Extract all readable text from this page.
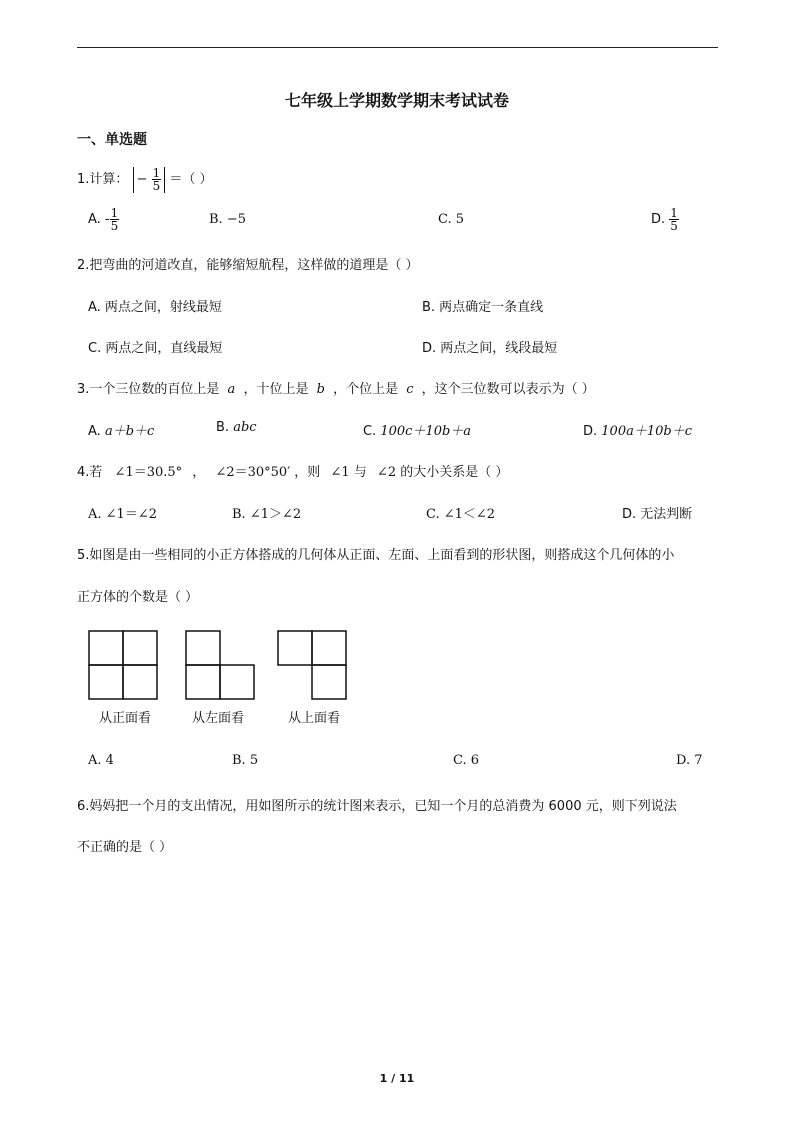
七年级上学期数学期末考试试卷
一、单选题
1.计算： − $\frac{1}{5}$ ＝（ ）
A. - $\frac{1}{5}$	B. −5	C. 5	D. $\frac{1}{5}$
2.把弯曲的河道改直，能够缩短航程，这样做的道理是（ ）
A. 两点之间，射线最短	B. 两点确定一条直线
C. 两点之间，直线最短	D. 两点之间，线段最短
3.一个三位数的百位上是 a ，十位上是 b ，个位上是 c ，这个三位数可以表示为（ ）
A. a＋b＋c	B. abc	C. 100c＋10b＋a	D. 100a＋10b＋c
4.若 ∠1＝30.5° ， ∠2＝30°50′ ，则 ∠1 与 ∠2 的大小关系是（ ）
A. ∠1＝∠2	B. ∠1＞∠2	C. ∠1＜∠2	D. 无法判断
5.如图是由一些相同的小正方体搭成的几何体从正面、左面、上面看到的形状图，则搭成这个几何体的小
正方体的个数是（ ）
从正面看	从左面看	从上面看
A. 4	B. 5	C. 6	D. 7
6.妈妈把一个月的支出情况，用如图所示的统计图来表示，已知一个月的总消费为 6000 元，则下列说法
不正确的是（ ）
1 / 11
